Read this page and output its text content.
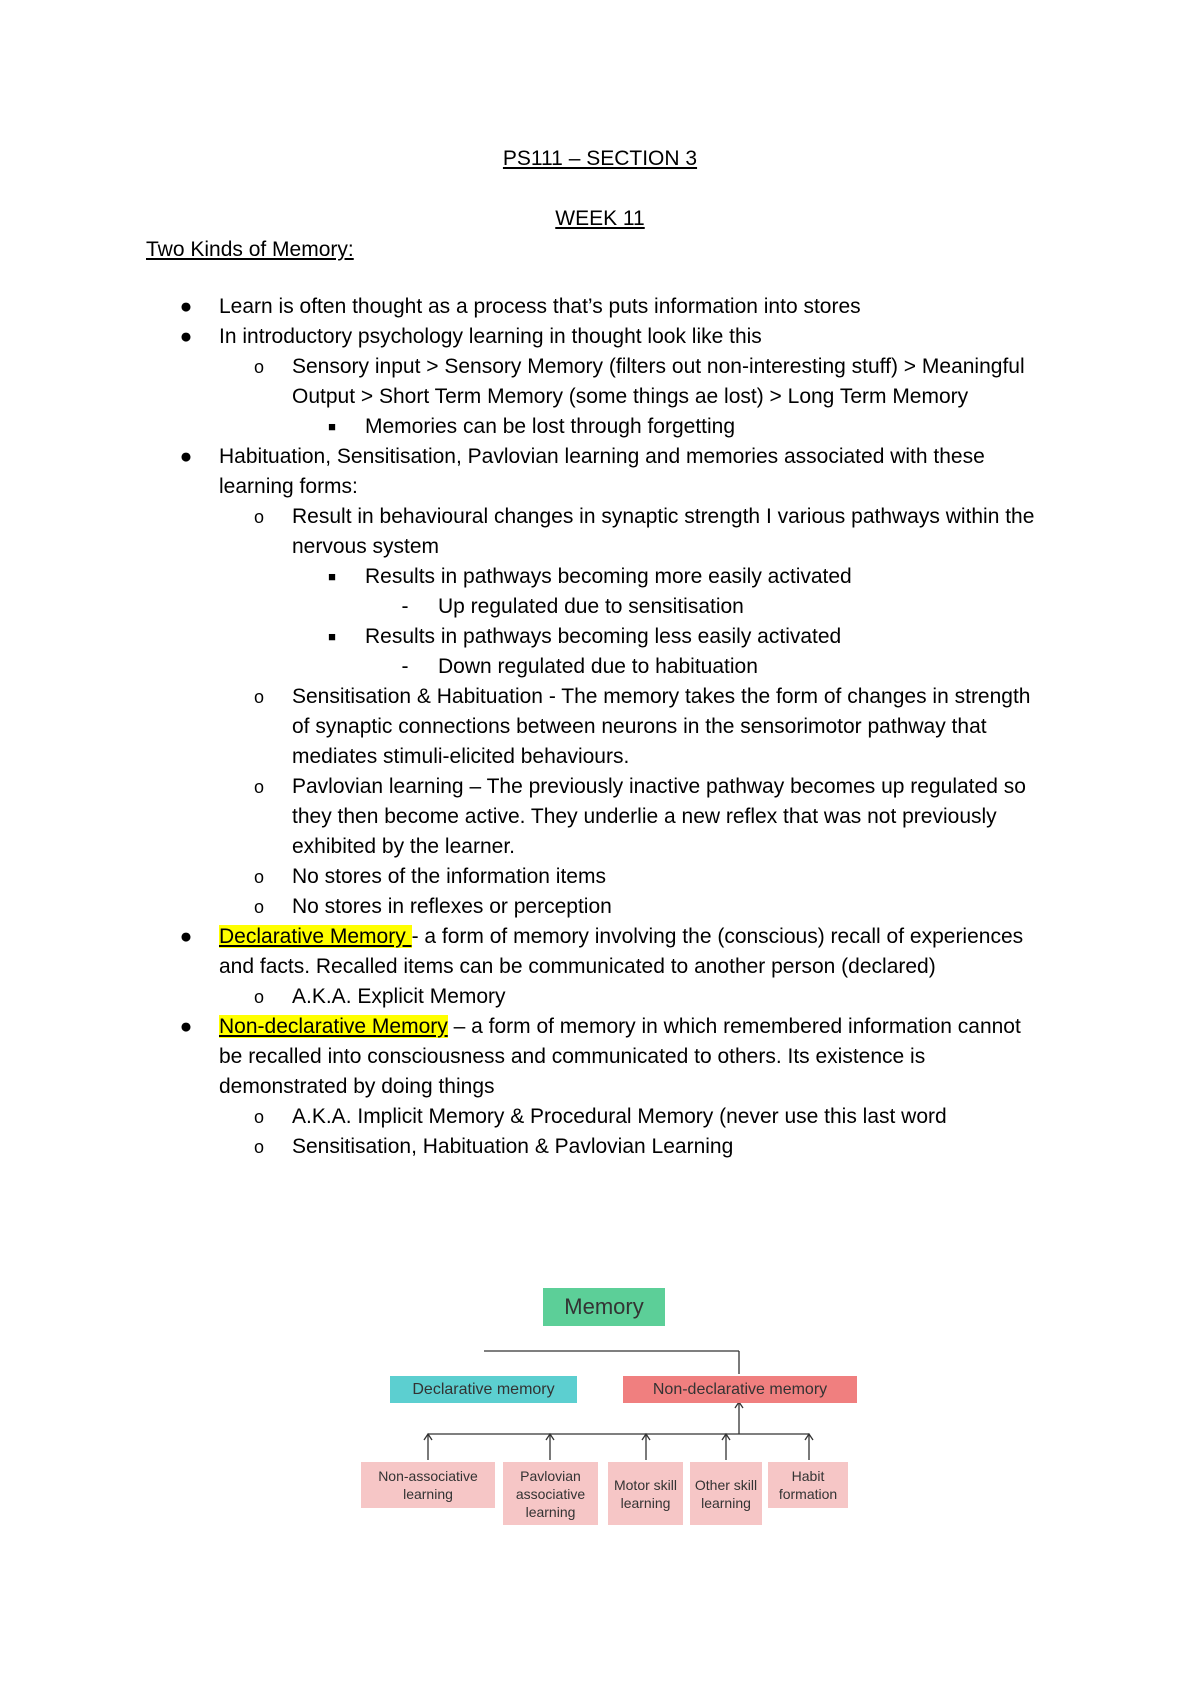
PS111 – SECTION 3
WEEK 11
Two Kinds of Memory:
●	Learn is often thought as a process that’s puts information into stores
●	In introductory psychology learning in thought look like this
o	Sensory input > Sensory Memory (filters out non-interesting stuff) > Meaningful Output > Short Term Memory (some things ae lost) > Long Term Memory
■	Memories can be lost through forgetting
●	Habituation, Sensitisation, Pavlovian learning and memories associated with these learning forms:
o	Result in behavioural changes in synaptic strength I various pathways within the nervous system
■	Results in pathways becoming more easily activated
-	Up regulated due to sensitisation
■	Results in pathways becoming less easily activated
-	Down regulated due to habituation
o	Sensitisation & Habituation - The memory takes the form of changes in strength of synaptic connections between neurons in the sensorimotor pathway that mediates stimuli-elicited behaviours.
o	Pavlovian learning – The previously inactive pathway becomes up regulated so they then become active. They underlie a new reflex that was not previously exhibited by the learner.
o	No stores of the information items
o	No stores in reflexes or perception
●	Declarative Memory - a form of memory involving the (conscious) recall of experiences and facts. Recalled items can be communicated to another person (declared)
o	A.K.A. Explicit Memory
●	Non-declarative Memory – a form of memory in which remembered information cannot be recalled into consciousness and communicated to others. Its existence is demonstrated by doing things
o	A.K.A. Implicit Memory & Procedural Memory (never use this last word
o	Sensitisation, Habituation & Pavlovian Learning
Memory
Declarative memory	Non-declarative memory
Non-associative learning
Pavlovian associative learning
Motor skill learning
Other skill learning
Habit formation
